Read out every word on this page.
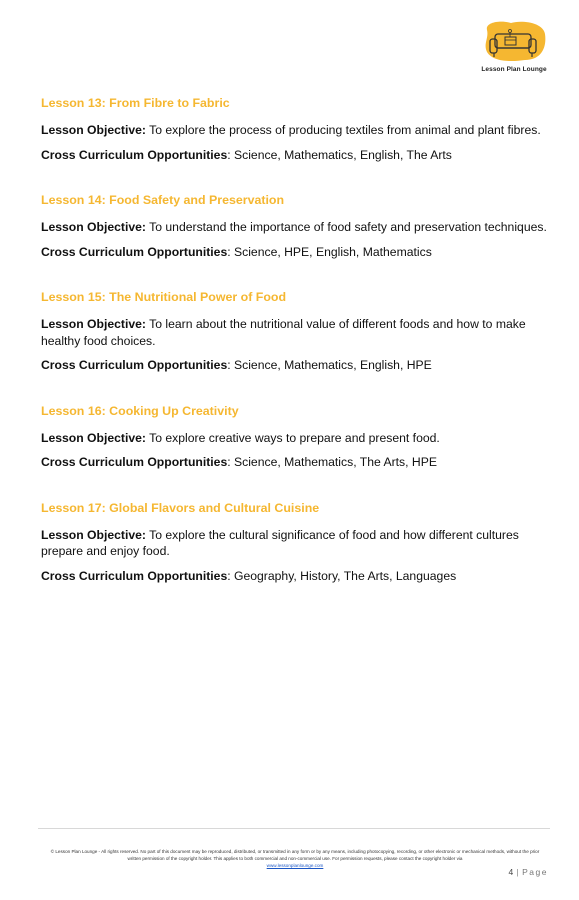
Lesson Plan Lounge
Lesson 13: From Fibre to Fabric

Lesson Objective: To explore the process of producing textiles from animal and plant fibres.

Cross Curriculum Opportunities: Science, Mathematics, English, The Arts

Lesson 14: Food Safety and Preservation

Lesson Objective: To understand the importance of food safety and preservation techniques.

Cross Curriculum Opportunities: Science, HPE, English, Mathematics

Lesson 15: The Nutritional Power of Food

Lesson Objective: To learn about the nutritional value of different foods and how to make healthy food choices.

Cross Curriculum Opportunities: Science, Mathematics, English, HPE

Lesson 16: Cooking Up Creativity

Lesson Objective: To explore creative ways to prepare and present food.

Cross Curriculum Opportunities: Science, Mathematics, The Arts, HPE

Lesson 17: Global Flavors and Cultural Cuisine

Lesson Objective: To explore the cultural significance of food and how different cultures prepare and enjoy food.

Cross Curriculum Opportunities: Geography, History, The Arts, Languages

© Lesson Plan Lounge - All rights reserved. No part of this document may be reproduced, distributed, or transmitted in any form or by any means, including photocopying, recording, or other electronic or mechanical methods, without the prior written permission of the copyright holder. This applies to both commercial and non-commercial use. For permission requests, please contact the copyright holder via
www.lessonplanlounge.com
4 | Page
